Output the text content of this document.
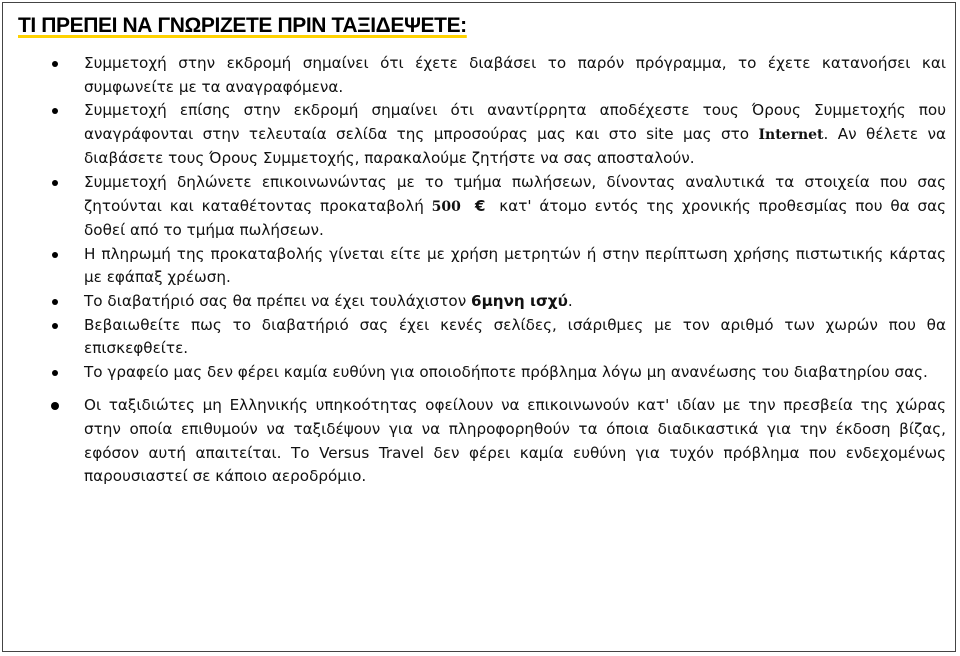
ΤΙ ΠΡΕΠΕΙ ΝΑ ΓΝΩΡΙΖΕΤΕ ΠΡΙΝ ΤΑΞΙΔΕΨΕΤΕ:
Συμμετοχή στην εκδρομή σημαίνει ότι έχετε διαβάσει το παρόν πρόγραμμα, το έχετε κατανοήσει και συμφωνείτε με τα αναγραφόμενα.
Συμμετοχή επίσης στην εκδρομή σημαίνει ότι αναντίρρητα αποδέχεστε τους Όρους Συμμετοχής που αναγράφονται στην τελευταία σελίδα της μπροσούρας μας και στο site μας στο Internet. Αν θέλετε να διαβάσετε τους Όρους Συμμετοχής, παρακαλούμε ζητήστε να σας αποσταλούν.
Συμμετοχή δηλώνετε επικοινωνώντας με το τμήμα πωλήσεων, δίνοντας αναλυτικά τα στοιχεία που σας ζητούνται και καταθέτοντας προκαταβολή 500 € κατ' άτομο εντός της χρονικής προθεσμίας που θα σας δοθεί από το τμήμα πωλήσεων.
Η πληρωμή της προκαταβολής γίνεται είτε με χρήση μετρητών ή στην περίπτωση χρήσης πιστωτικής κάρτας με εφάπαξ χρέωση.
Το διαβατήριό σας θα πρέπει να έχει τουλάχιστον 6μηνη ισχύ.
Βεβαιωθείτε πως το διαβατήριό σας έχει κενές σελίδες, ισάριθμες με τον αριθμό των χωρών που θα επισκεφθείτε.
Το γραφείο μας δεν φέρει καμία ευθύνη για οποιοδήποτε πρόβλημα λόγω μη ανανέωσης του διαβατηρίου σας.
Οι ταξιδιώτες μη Ελληνικής υπηκοότητας οφείλουν να επικοινωνούν κατ' ιδίαν με την πρεσβεία της χώρας στην οποία επιθυμούν να ταξιδέψουν για να πληροφορηθούν τα όποια διαδικαστικά για την έκδοση βίζας, εφόσον αυτή απαιτείται. Το Versus Travel δεν φέρει καμία ευθύνη για τυχόν πρόβλημα που ενδεχομένως παρουσιαστεί σε κάποιο αεροδρόμιο.
